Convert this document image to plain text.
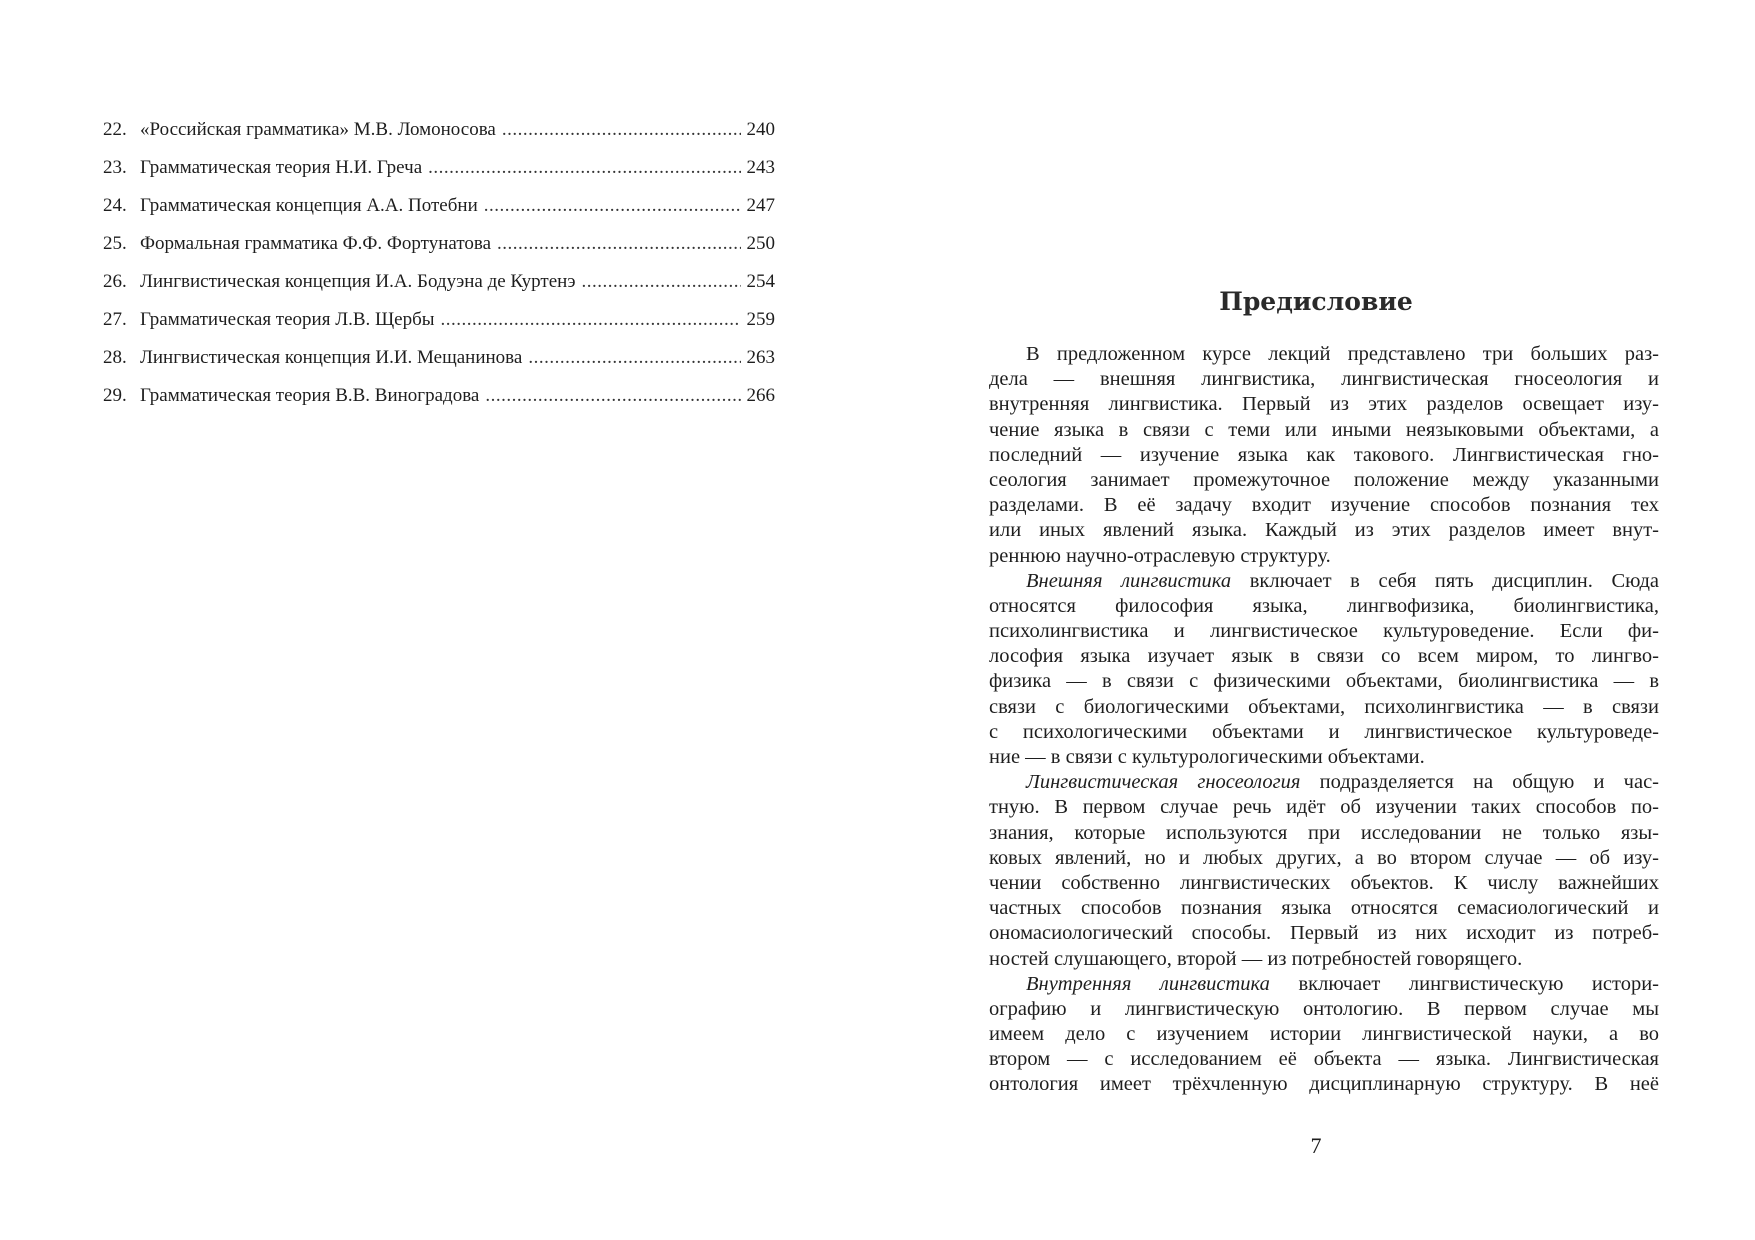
22. «Российская грамматика» М.В. Ломоносова .....	240
23. Грамматическая теория Н.И. Греча .....	243
24. Грамматическая концепция А.А. Потебни .....	247
25. Формальная грамматика Ф.Ф. Фортунатова .....	250
26. Лингвистическая концепция И.А. Бодуэна де Куртенэ .....	254
27. Грамматическая теория Л.В. Щербы .....	259
28. Лингвистическая концепция И.И. Мещанинова .....	263
29. Грамматическая теория В.В. Виноградова .....	266
Предисловие
В предложенном курсе лекций представлено три больших раз-
дела — внешняя лингвистика, лингвистическая гносеология и
внутренняя лингвистика. Первый из этих разделов освещает изу-
чение языка в связи с теми или иными неязыковыми объектами, а
последний — изучение языка как такового. Лингвистическая гно-
сеология занимает промежуточное положение между указанными
разделами. В её задачу входит изучение способов познания тех
или иных явлений языка. Каждый из этих разделов имеет внут-
реннюю научно-отраслевую структуру.
Внешняя лингвистика включает в себя пять дисциплин. Сюда
относятся философия языка, лингвофизика, биолингвистика,
психолингвистика и лингвистическое культуроведение. Если фи-
лософия языка изучает язык в связи со всем миром, то лингво-
физика — в связи с физическими объектами, биолингвистика — в
связи с биологическими объектами, психолингвистика — в связи
с психологическими объектами и лингвистическое культуроведе-
ние — в связи с культурологическими объектами.
Лингвистическая гносеология подразделяется на общую и час-
тную. В первом случае речь идёт об изучении таких способов по-
знания, которые используются при исследовании не только язы-
ковых явлений, но и любых других, а во втором случае — об изу-
чении собственно лингвистических объектов. К числу важнейших
частных способов познания языка относятся семасиологический и
ономасиологический способы. Первый из них исходит из потреб-
ностей слушающего, второй — из потребностей говорящего.
Внутренняя лингвистика включает лингвистическую истори-
ографию и лингвистическую онтологию. В первом случае мы
имеем дело с изучением истории лингвистической науки, а во
втором — с исследованием её объекта — языка. Лингвистическая
онтология имеет трёхчленную дисциплинарную структуру. В неё
7
